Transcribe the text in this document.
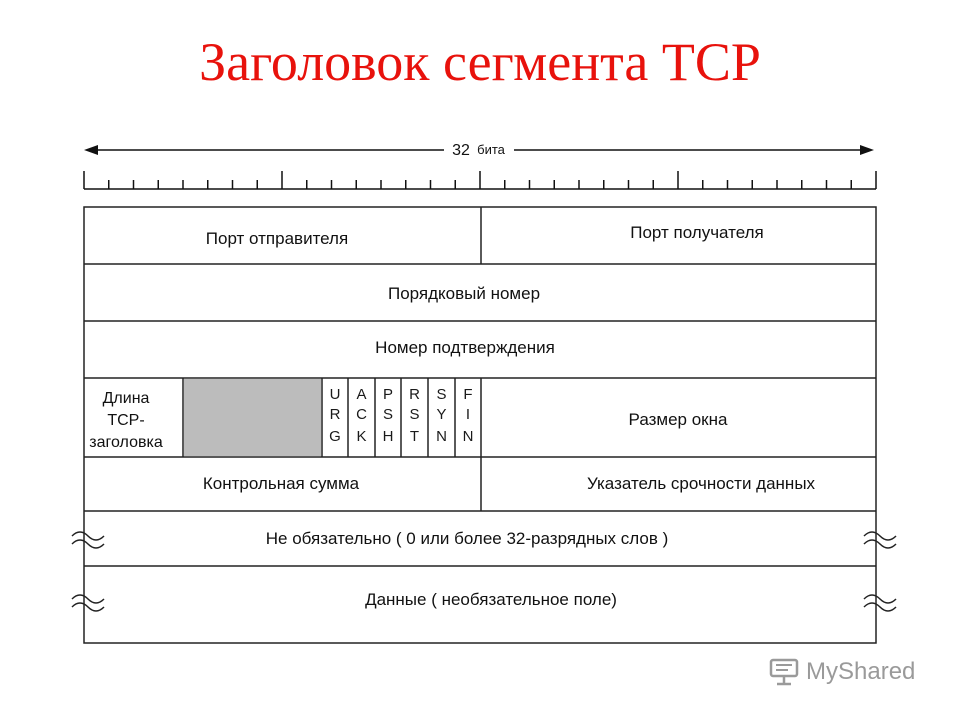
Заголовок сегмента TCP
32 бита
Порт отправителя	Порт получателя
Порядковый номер
Номер подтверждения
Длина
TCP-
заголовка
Размер окна
Контрольная сумма	Указатель срочности данных
Не обязательно ( 0 или более 32-разрядных слов )
Данные ( необязательное поле)
U
R
G
A
C
K
P
S
H
R
S
T
S
Y
N
F
I
N
MyShared
